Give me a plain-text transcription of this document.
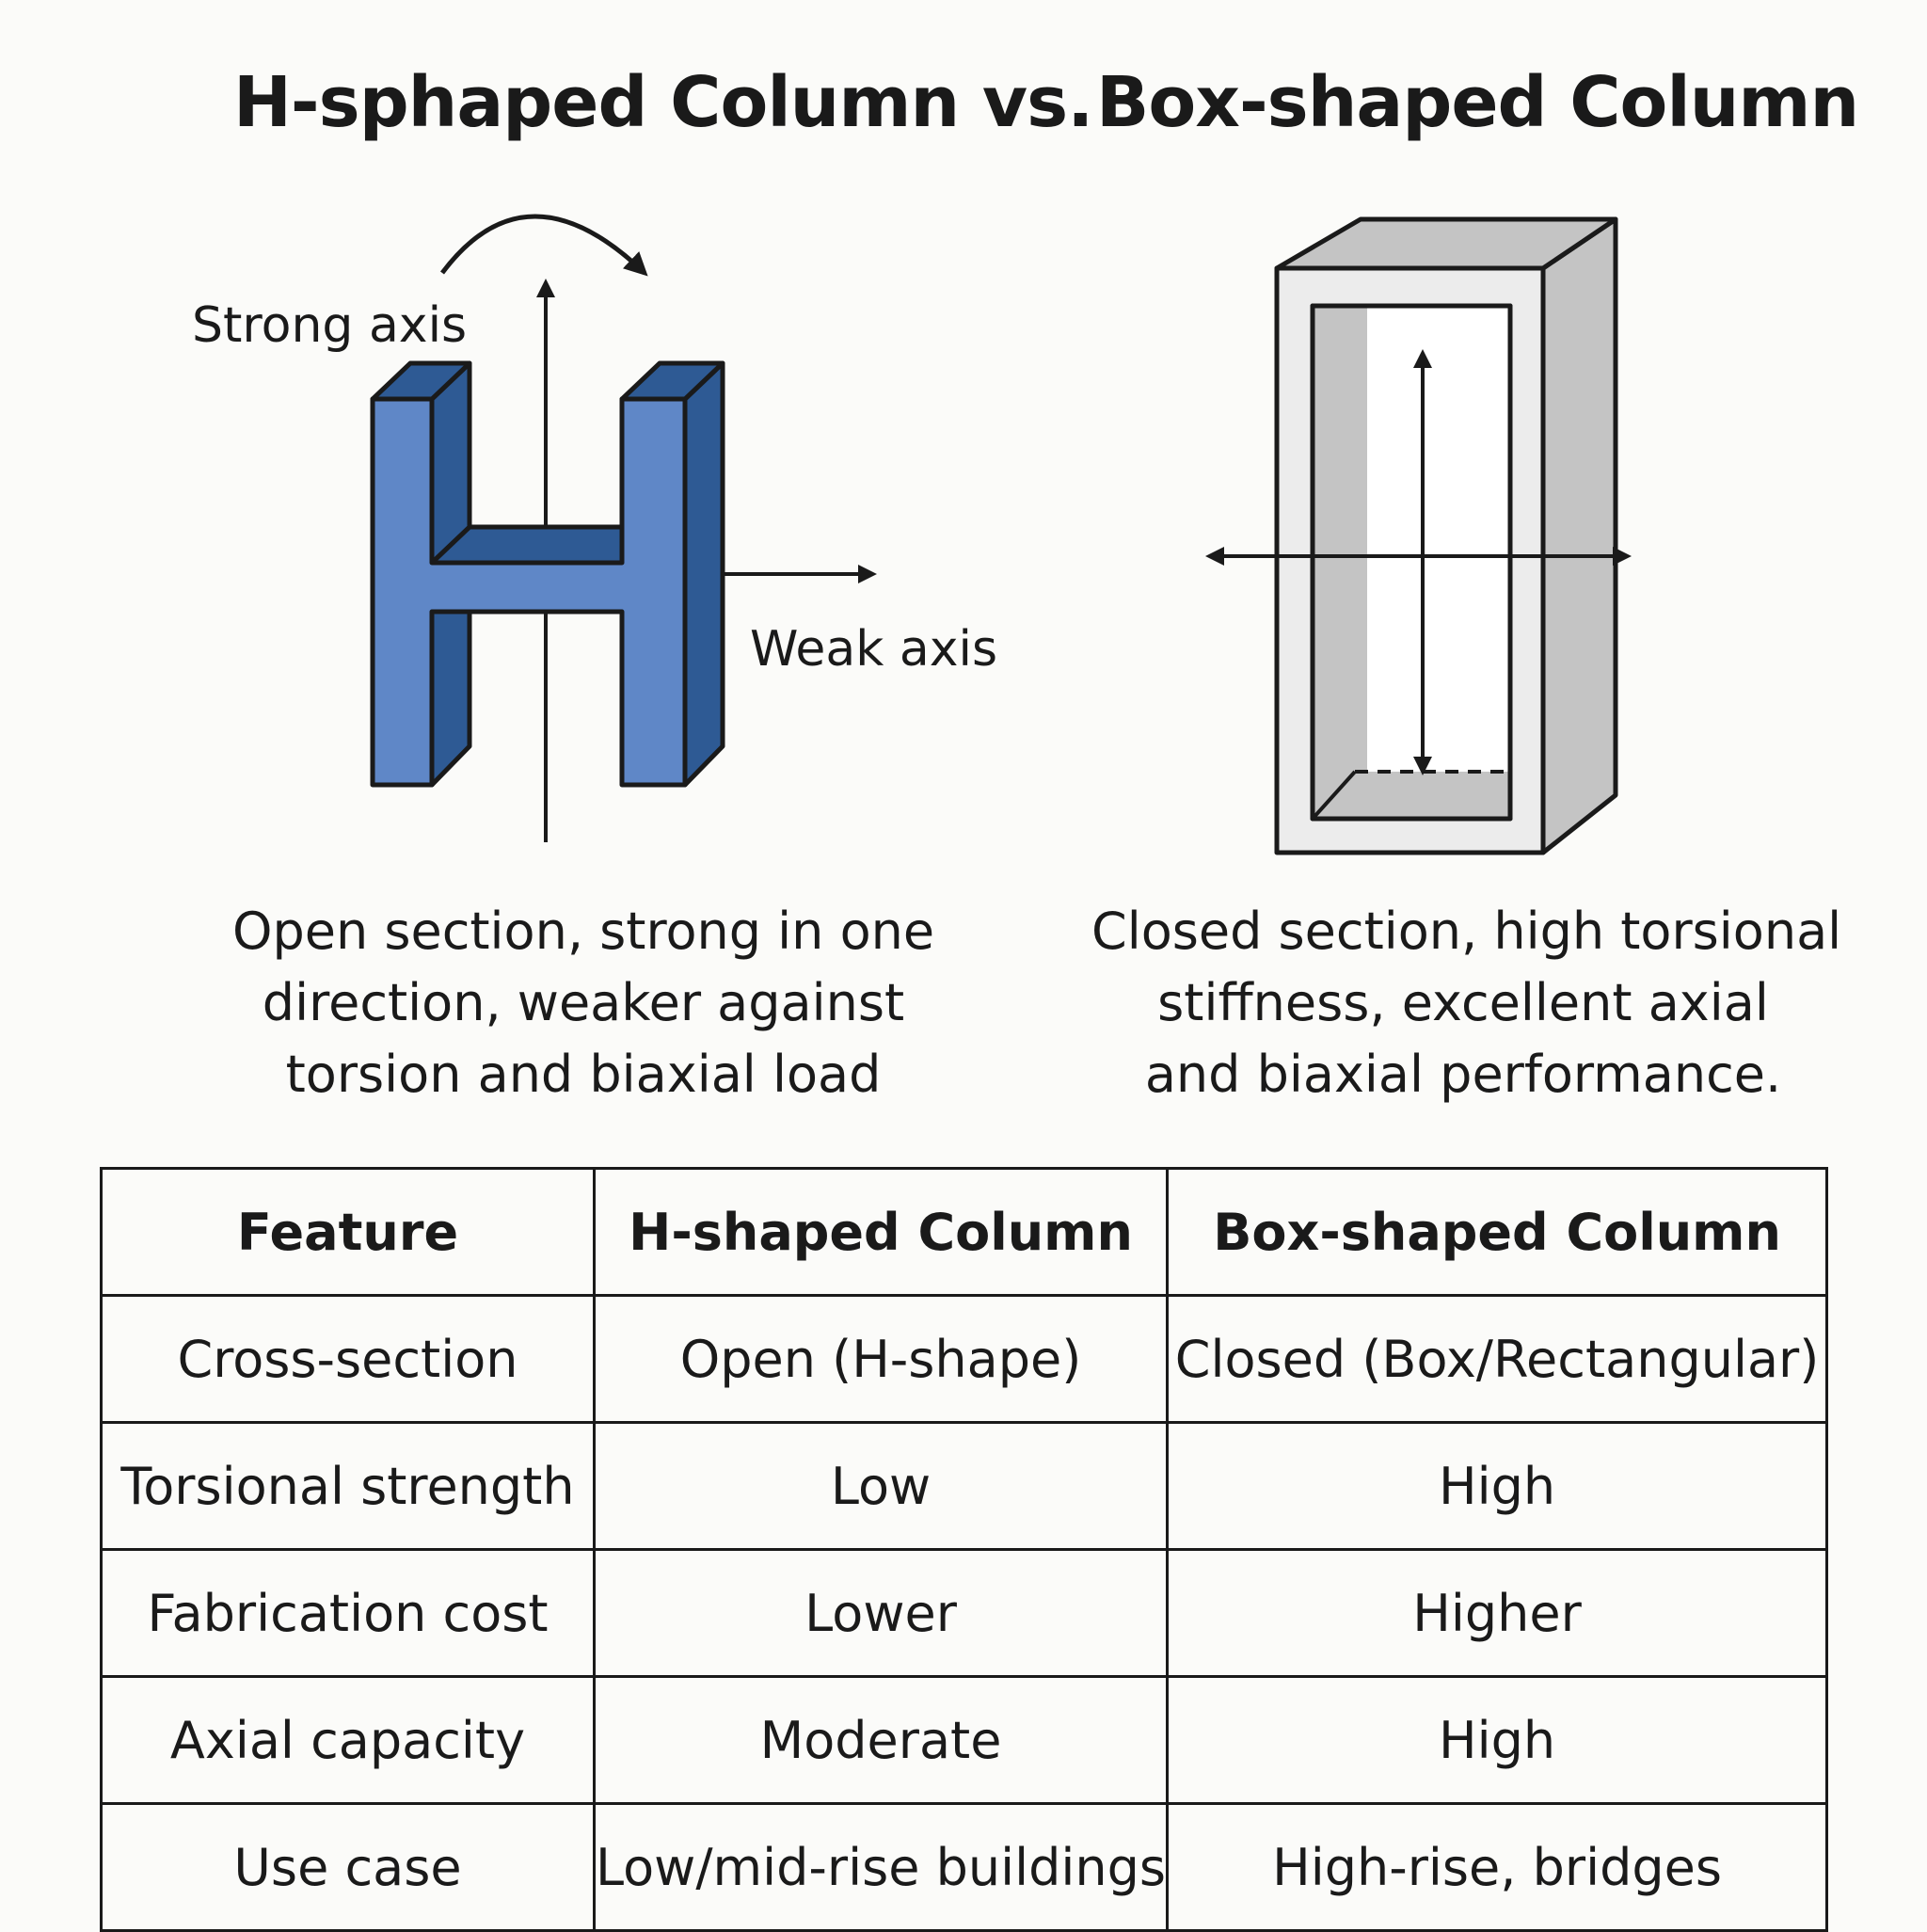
H-sphaped Column vs. Box-shaped Column
Strong axis
Weak axis
Open section, strong in one
direction, weaker against
torsion and biaxial load
Closed section, high torsional
stiffness, excellent axial
and biaxial performance.
Feature	H-shaped Column	Box-shaped Column
Cross-section	Open (H-shape)	Closed (Box/Rectangular)
Torsional strength	Low	High
Fabrication cost	Lower	Higher
Axial capacity	Moderate	High
Use case	Low/mid-rise buildings	High-rise, bridges
